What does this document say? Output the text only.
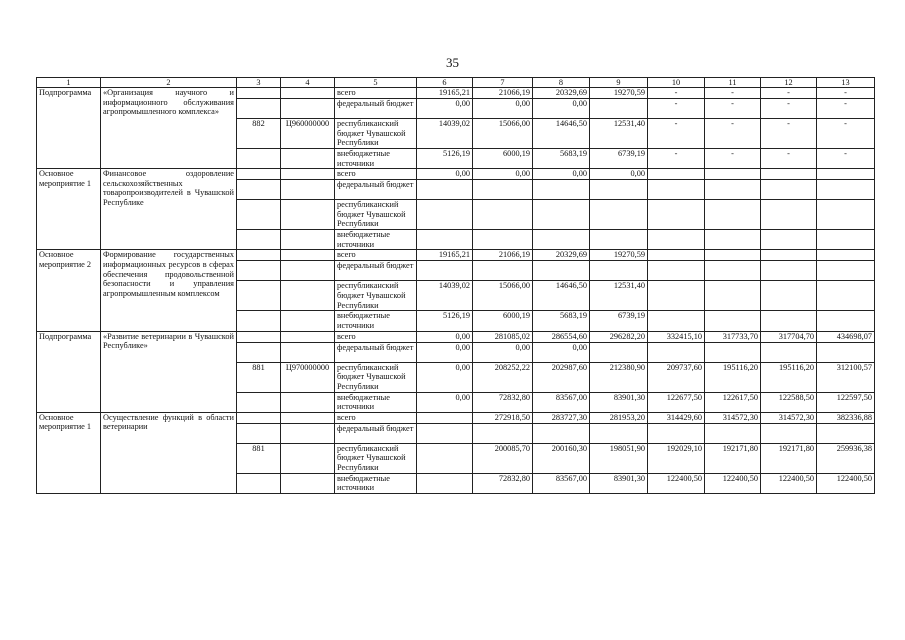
35
1	2	3	4	5	6	7	8	9	10	11	12	13
Подпрограмма	«Организация научного и информационного обслуживания агропромышленного комплекса»			всего	19165,21	21066,19	20329,69	19270,59	-	-	-	-
				федеральный бюджет	0,00	0,00	0,00		-	-	-	-
		882	Ц960000000	республиканский бюджет Чувашской Республики	14039,02	15066,00	14646,50	12531,40	-	-	-	-
				внебюджетные источники	5126,19	6000,19	5683,19	6739,19	-	-	-	-
Основное мероприятие 1	Финансовое оздоровление сельскохозяйственных товаропроизводителей в Чувашской Республике			всего	0,00	0,00	0,00	0,00				
				федеральный бюджет								
				республиканский бюджет Чувашской Республики								
				внебюджетные источники								
Основное мероприятие 2	Формирование государственных информационных ресурсов в сферах обеспечения продовольственной безопасности и управления агропромышленным комплексом			всего	19165,21	21066,19	20329,69	19270,59				
				федеральный бюджет								
				республиканский бюджет Чувашской Республики	14039,02	15066,00	14646,50	12531,40				
				внебюджетные источники	5126,19	6000,19	5683,19	6739,19				
Подпрограмма	«Развитие ветеринарии в Чувашской Республике»			всего	0,00	281085,02	286554,60	296282,20	332415,10	317733,70	317704,70	434698,07
				федеральный бюджет	0,00	0,00	0,00					
		881	Ц970000000	республиканский бюджет Чувашской Республики	0,00	208252,22	202987,60	212380,90	209737,60	195116,20	195116,20	312100,57
				внебюджетные источники	0,00	72832,80	83567,00	83901,30	122677,50	122617,50	122588,50	122597,50
Основное мероприятие 1	Осуществление функций в области ветеринарии			всего		272918,50	283727,30	281953,20	314429,60	314572,30	314572,30	382336,88
				федеральный бюджет								
		881		республиканский бюджет Чувашской Республики		200085,70	200160,30	198051,90	192029,10	192171,80	192171,80	259936,38
				внебюджетные источники		72832,80	83567,00	83901,30	122400,50	122400,50	122400,50	122400,50
